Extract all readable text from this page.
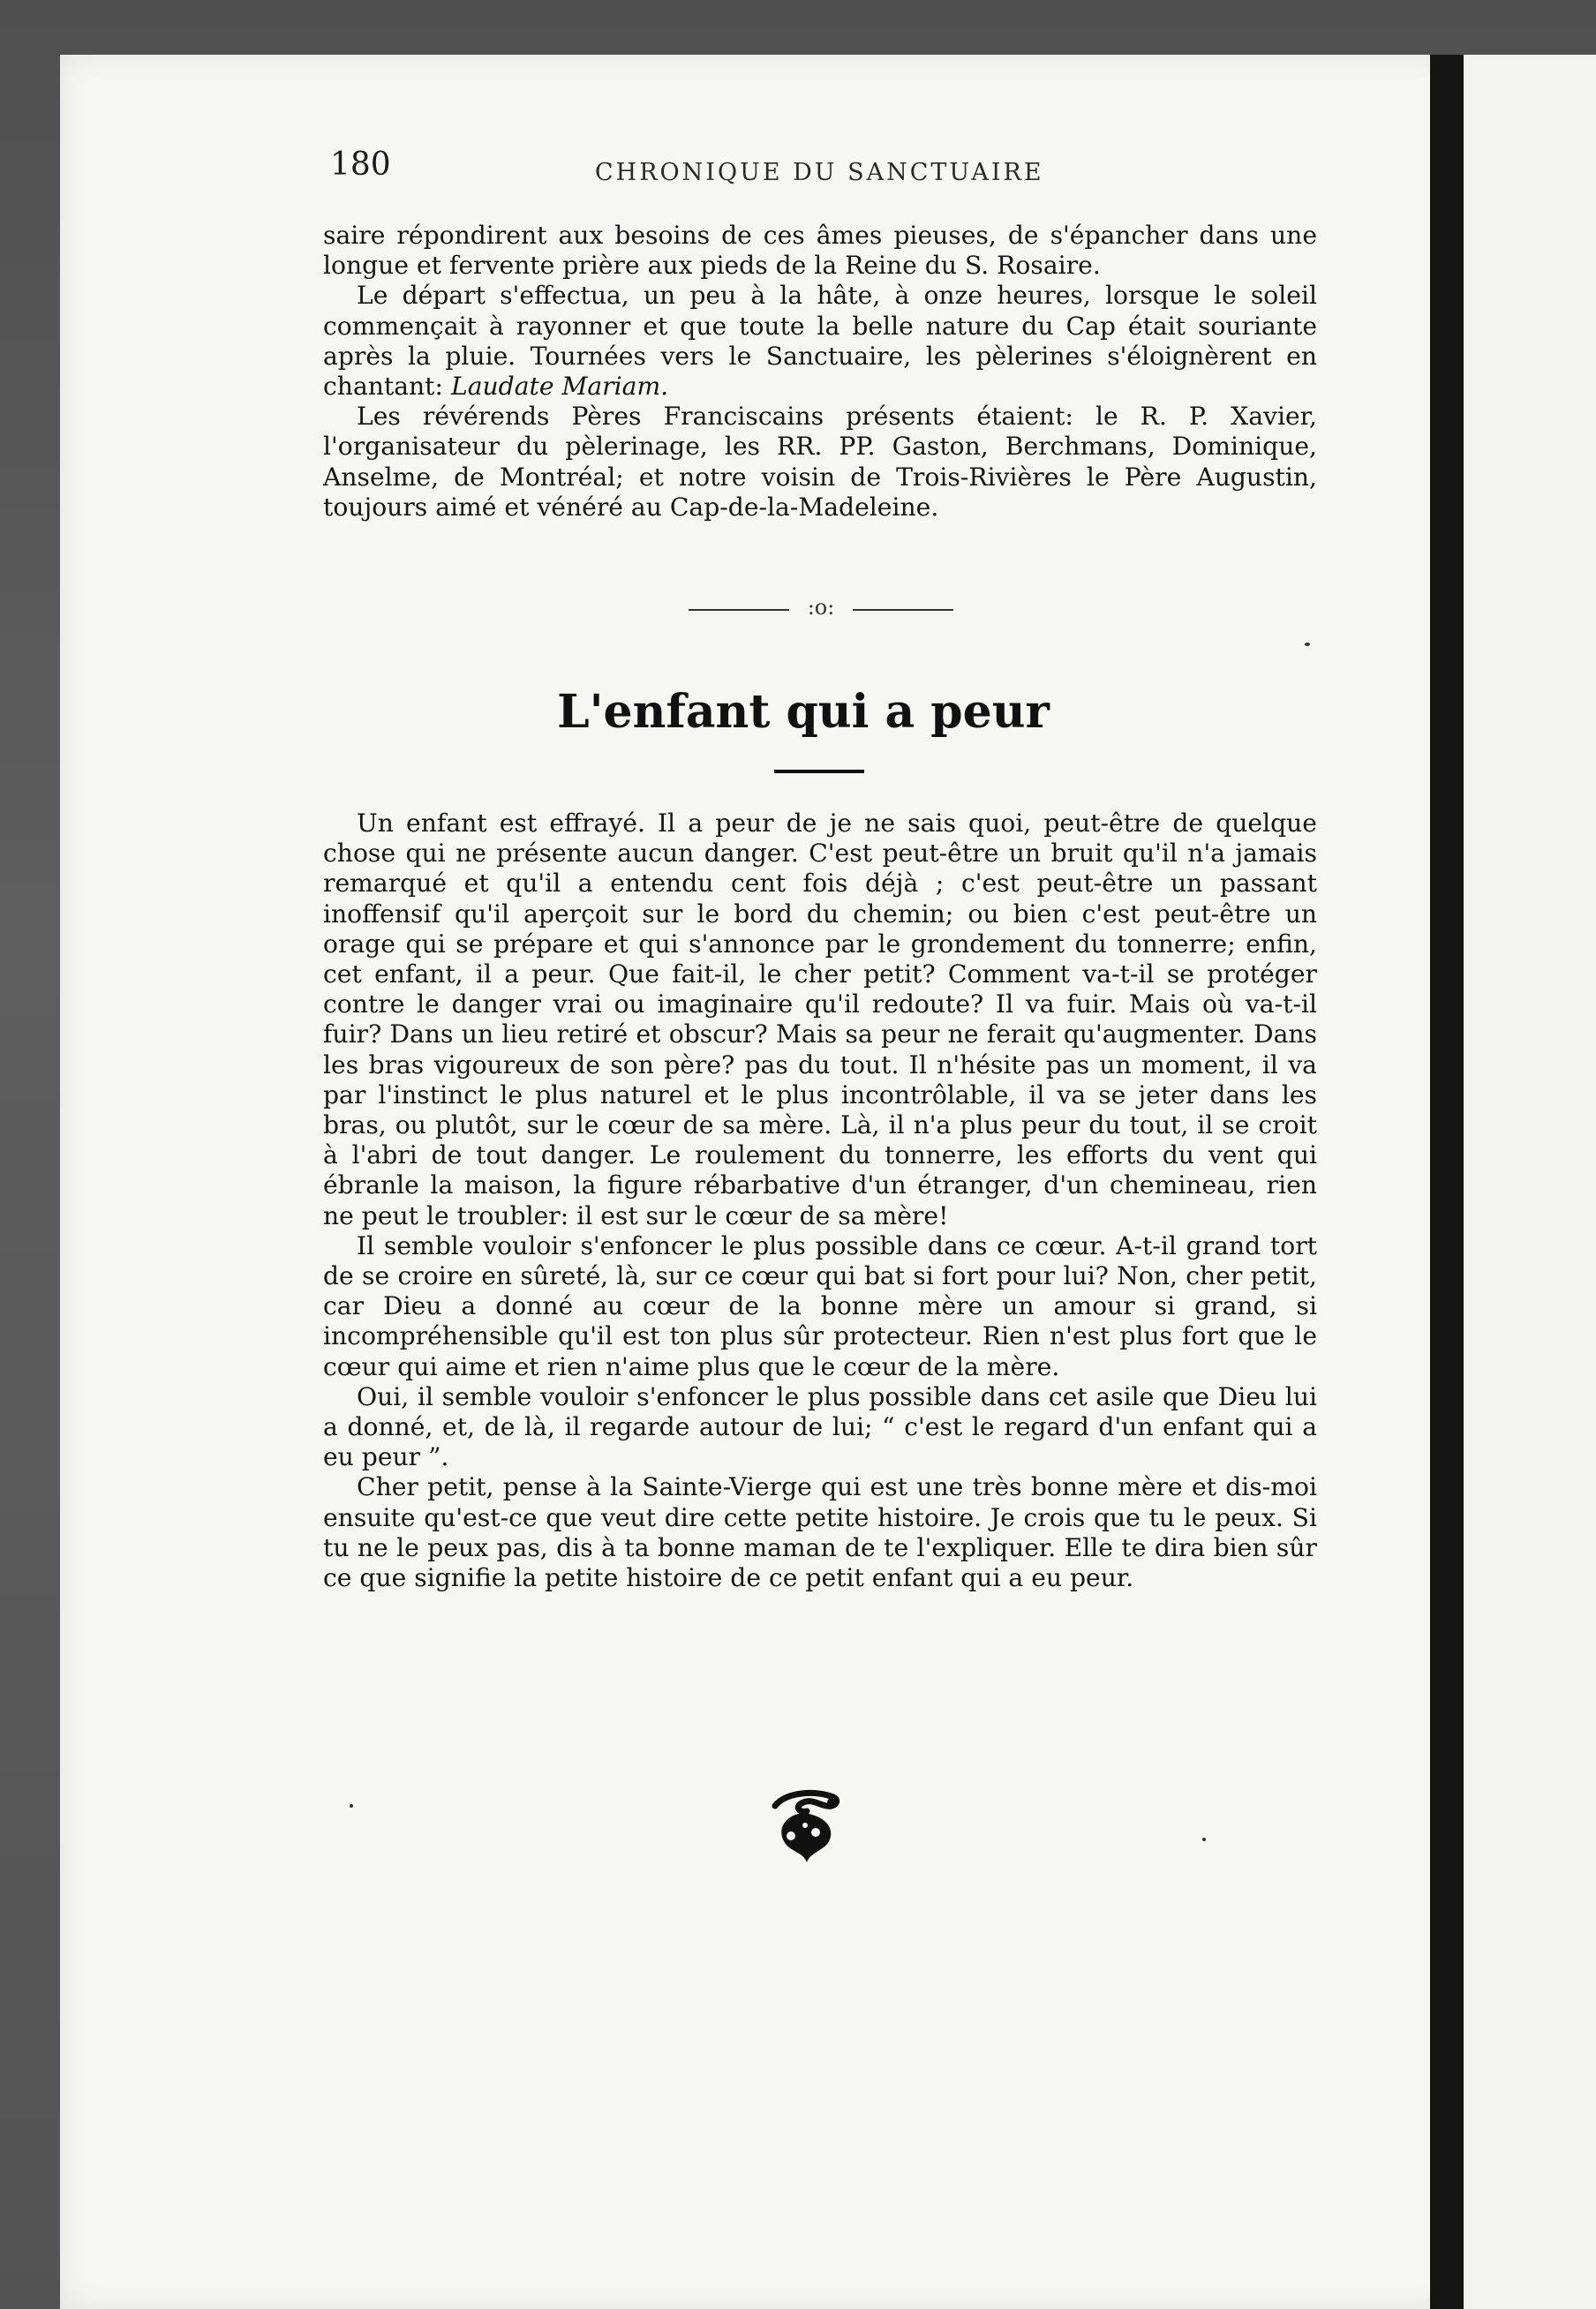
180	CHRONIQUE DU SANCTUAIRE

saire répondirent aux besoins de ces âmes pieuses, de s'épancher dans une longue et fervente prière aux pieds de la Reine du S. Rosaire.

Le départ s'effectua, un peu à la hâte, à onze heures, lorsque le soleil commençait à rayonner et que toute la belle nature du Cap était souriante après la pluie. Tournées vers le Sanctuaire, les pèlerines s'éloignèrent en chantant: Laudate Mariam.

Les révérends Pères Franciscains présents étaient: le R. P. Xavier, l'organisateur du pèlerinage, les RR. PP. Gaston, Berchmans, Dominique, Anselme, de Montréal; et notre voisin de Trois-Rivières le Père Augustin, toujours aimé et vénéré au Cap-de-la-Madeleine.

:o:
L'enfant qui a peur

Un enfant est effrayé. Il a peur de je ne sais quoi, peut-être de quelque chose qui ne présente aucun danger. C'est peut-être un bruit qu'il n'a jamais remarqué et qu'il a entendu cent fois déjà ; c'est peut-être un passant inoffensif qu'il aperçoit sur le bord du chemin; ou bien c'est peut-être un orage qui se prépare et qui s'annonce par le grondement du tonnerre; enfin, cet enfant, il a peur. Que fait-il, le cher petit? Comment va-t-il se protéger contre le danger vrai ou imaginaire qu'il redoute? Il va fuir. Mais où va-t-il fuir? Dans un lieu retiré et obscur? Mais sa peur ne ferait qu'augmenter. Dans les bras vigoureux de son père? pas du tout. Il n'hésite pas un moment, il va par l'instinct le plus naturel et le plus incontrôlable, il va se jeter dans les bras, ou plutôt, sur le cœur de sa mère. Là, il n'a plus peur du tout, il se croit à l'abri de tout danger. Le roulement du tonnerre, les efforts du vent qui ébranle la maison, la figure rébarbative d'un étranger, d'un chemineau, rien ne peut le troubler: il est sur le cœur de sa mère!

Il semble vouloir s'enfoncer le plus possible dans ce cœur. A-t-il grand tort de se croire en sûreté, là, sur ce cœur qui bat si fort pour lui? Non, cher petit, car Dieu a donné au cœur de la bonne mère un amour si grand, si incompréhensible qu'il est ton plus sûr protecteur. Rien n'est plus fort que le cœur qui aime et rien n'aime plus que le cœur de la mère.

Oui, il semble vouloir s'enfoncer le plus possible dans cet asile que Dieu lui a donné, et, de là, il regarde autour de lui; “ c'est le regard d'un enfant qui a eu peur ”.

Cher petit, pense à la Sainte-Vierge qui est une très bonne mère et dis-moi ensuite qu'est-ce que veut dire cette petite histoire. Je crois que tu le peux. Si tu ne le peux pas, dis à ta bonne maman de te l'expliquer. Elle te dira bien sûr ce que signifie la petite histoire de ce petit enfant qui a eu peur.
